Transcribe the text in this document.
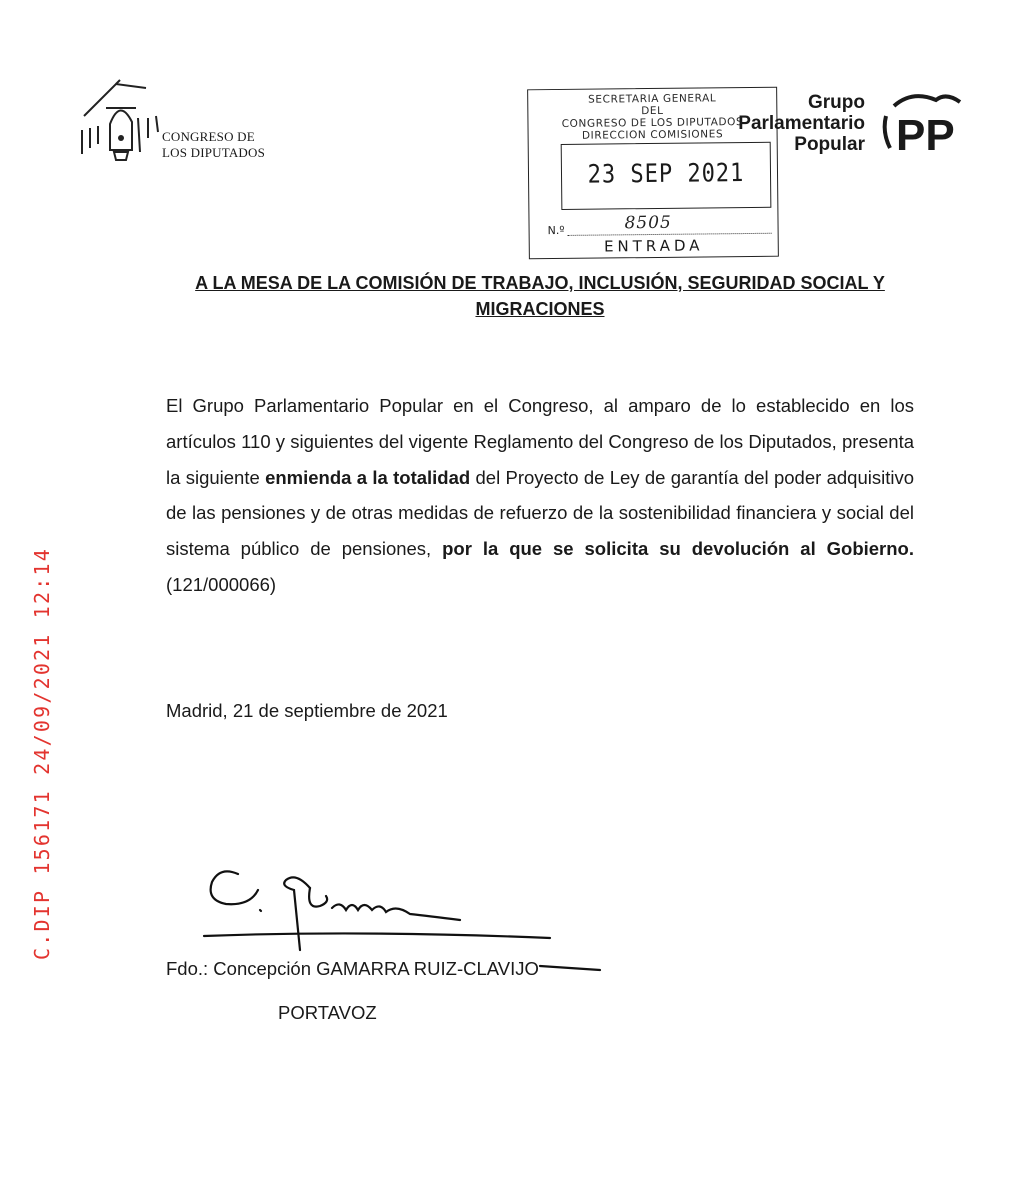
CONGRESO DE
LOS DIPUTADOS
SECRETARIA GENERAL
DEL
CONGRESO DE LOS DIPUTADOS
DIRECCION COMISIONES
23 SEP 2021
N.º	8505
ENTRADA
Grupo
Parlamentario
Popular PP
A LA MESA DE LA COMISIÓN DE TRABAJO, INCLUSIÓN, SEGURIDAD SOCIAL Y MIGRACIONES
El Grupo Parlamentario Popular en el Congreso, al amparo de lo establecido en los artículos 110 y siguientes del vigente Reglamento del Congreso de los Diputados, presenta la siguiente enmienda a la totalidad del Proyecto de Ley de garantía del poder adquisitivo de las pensiones y de otras medidas de refuerzo de la sostenibilidad financiera y social del sistema público de pensiones, por la que se solicita su devolución al Gobierno. (121/000066)
Madrid, 21 de septiembre de 2021
Fdo.: Concepción GAMARRA RUIZ-CLAVIJO
PORTAVOZ
C.DIP 156171 24/09/2021 12:14
